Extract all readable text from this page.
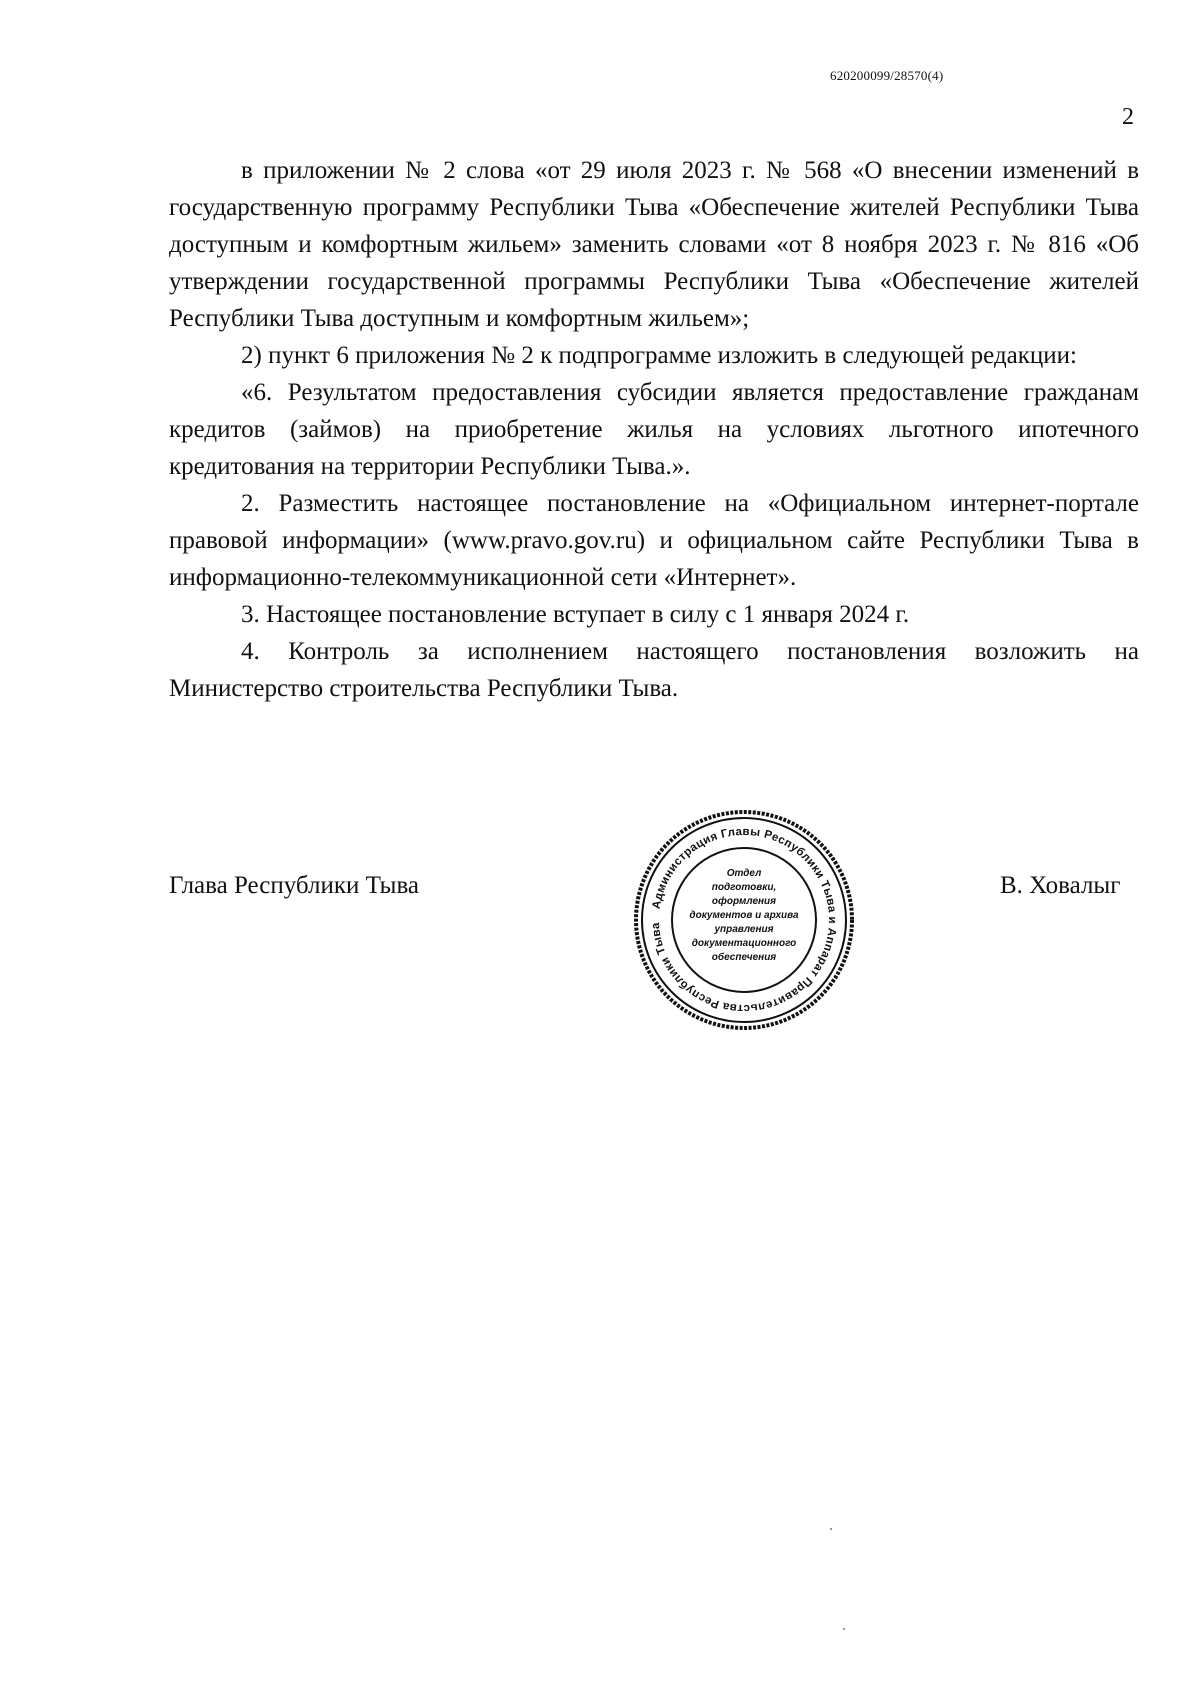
620200099/28570(4)
2

в приложении № 2 слова «от 29 июля 2023 г. № 568 «О внесении изменений в государственную программу Республики Тыва «Обеспечение жителей Республики Тыва доступным и комфортным жильем» заменить словами «от 8 ноября 2023 г. № 816 «Об утверждении государственной программы Республики Тыва «Обеспечение жителей Республики Тыва доступным и комфортным жильем»;

2) пункт 6 приложения № 2 к подпрограмме изложить в следующей редакции:

«6. Результатом предоставления субсидии является предоставление гражданам кредитов (займов) на приобретение жилья на условиях льготного ипотечного кредитования на территории Республики Тыва.».

2. Разместить настоящее постановление на «Официальном интернет-портале правовой информации» (www.pravo.gov.ru) и официальном сайте Республики Тыва в информационно-телекоммуникационной сети «Интернет».

3. Настоящее постановление вступает в силу с 1 января 2024 г.

4. Контроль за исполнением настоящего постановления возложить на Министерство строительства Республики Тыва.

Глава Республики Тыва	В. Ховалыг
Администрация Главы Республики Тыва и Аппарат Правительства Республики Тыва
Отдел
подготовки,
оформления
документов и архива
управления
документационного
обеспечения
